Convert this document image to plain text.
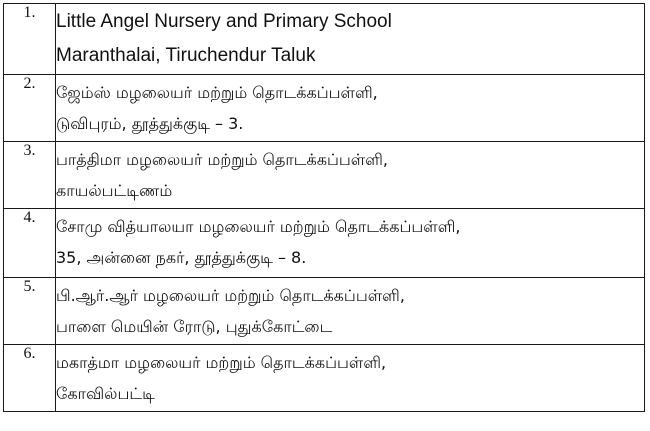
1.	Little Angel Nursery and Primary School
Maranthalai, Tiruchendur Taluk

2.	ஜேம்ஸ் மழலையர் மற்றும் தொடக்கப்பள்ளி,
டுவிபுரம், தூத்துக்குடி – 3.

3.	பாத்திமா மழலையர் மற்றும் தொடக்கப்பள்ளி,
காயல்பட்டிணம்

4.	சோமு வித்யாலயா மழலையர் மற்றும் தொடக்கப்பள்ளி,
35, அன்னை நகர், தூத்துக்குடி – 8.

5.	பி.ஆர்.ஆர் மழலையர் மற்றும் தொடக்கப்பள்ளி,
பாளை மெயின் ரோடு, புதுக்கோட்டை

6.	மகாத்மா மழலையர் மற்றும் தொடக்கப்பள்ளி,
கோவில்பட்டி
